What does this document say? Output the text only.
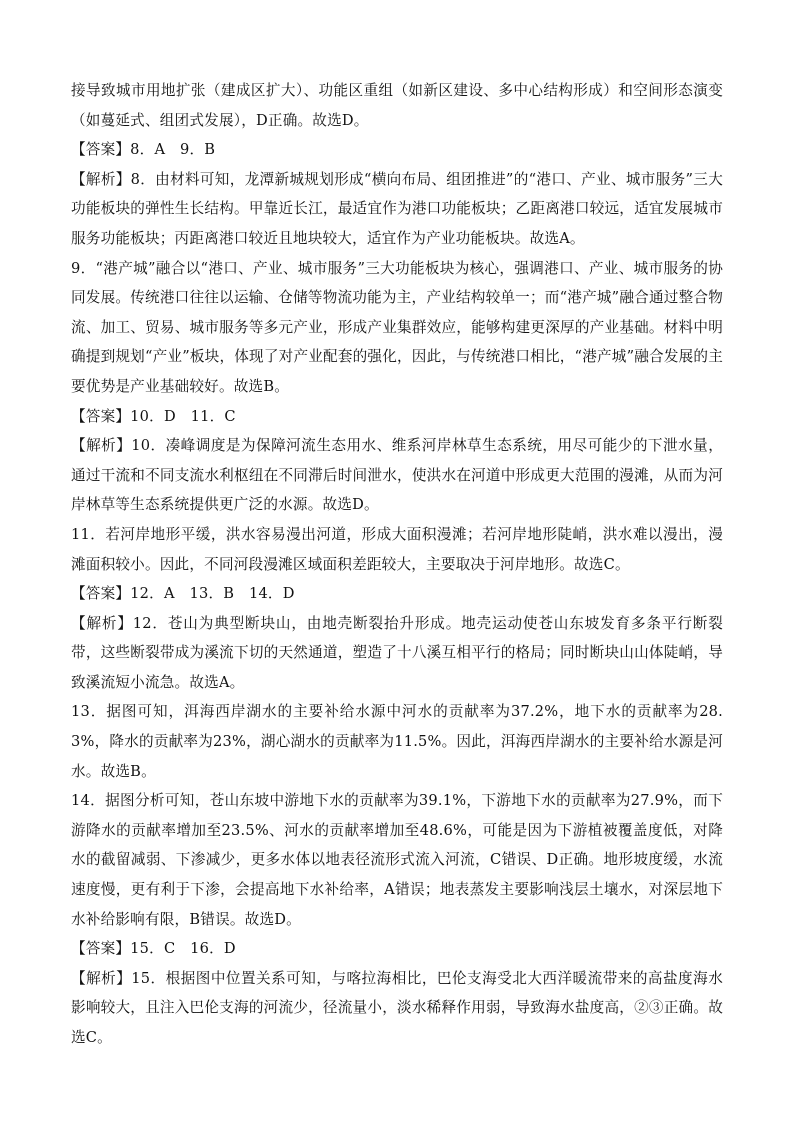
接导致城市用地扩张（建成区扩大）、功能区重组（如新区建设、多中心结构形成）和空间形态演变（如蔓延式、组团式发展），D正确。故选D。

【答案】8．A　9．B

【解析】8．由材料可知，龙潭新城规划形成“横向布局、组团推进”的“港口、产业、城市服务”三大功能板块的弹性生长结构。甲靠近长江，最适宜作为港口功能板块；乙距离港口较远，适宜发展城市服务功能板块；丙距离港口较近且地块较大，适宜作为产业功能板块。故选A。

9．“港产城”融合以“港口、产业、城市服务”三大功能板块为核心，强调港口、产业、城市服务的协同发展。传统港口往往以运输、仓储等物流功能为主，产业结构较单一；而“港产城”融合通过整合物流、加工、贸易、城市服务等多元产业，形成产业集群效应，能够构建更深厚的产业基础。材料中明确提到规划“产业”板块，体现了对产业配套的强化，因此，与传统港口相比，“港产城”融合发展的主要优势是产业基础较好。故选B。

【答案】10．D　11．C

【解析】10．凑峰调度是为保障河流生态用水、维系河岸林草生态系统，用尽可能少的下泄水量，通过干流和不同支流水利枢纽在不同滞后时间泄水，使洪水在河道中形成更大范围的漫滩，从而为河岸林草等生态系统提供更广泛的水源。故选D。

11．若河岸地形平缓，洪水容易漫出河道，形成大面积漫滩；若河岸地形陡峭，洪水难以漫出，漫滩面积较小。因此，不同河段漫滩区域面积差距较大，主要取决于河岸地形。故选C。

【答案】12．A　13．B　14．D

【解析】12．苍山为典型断块山，由地壳断裂抬升形成。地壳运动使苍山东坡发育多条平行断裂带，这些断裂带成为溪流下切的天然通道，塑造了十八溪互相平行的格局；同时断块山山体陡峭，导致溪流短小流急。故选A。

13．据图可知，洱海西岸湖水的主要补给水源中河水的贡献率为37.2%，地下水的贡献率为28.3%，降水的贡献率为23%，湖心湖水的贡献率为11.5%。因此，洱海西岸湖水的主要补给水源是河水。故选B。

14．据图分析可知，苍山东坡中游地下水的贡献率为39.1%，下游地下水的贡献率为27.9%，而下游降水的贡献率增加至23.5%、河水的贡献率增加至48.6%，可能是因为下游植被覆盖度低，对降水的截留减弱、下渗减少，更多水体以地表径流形式流入河流，C错误、D正确。地形坡度缓，水流速度慢，更有利于下渗，会提高地下水补给率，A错误；地表蒸发主要影响浅层土壤水，对深层地下水补给影响有限，B错误。故选D。

【答案】15．C　16．D

【解析】15．根据图中位置关系可知，与喀拉海相比，巴伦支海受北大西洋暖流带来的高盐度海水影响较大，且注入巴伦支海的河流少，径流量小，淡水稀释作用弱，导致海水盐度高，②③正确。故选C。
